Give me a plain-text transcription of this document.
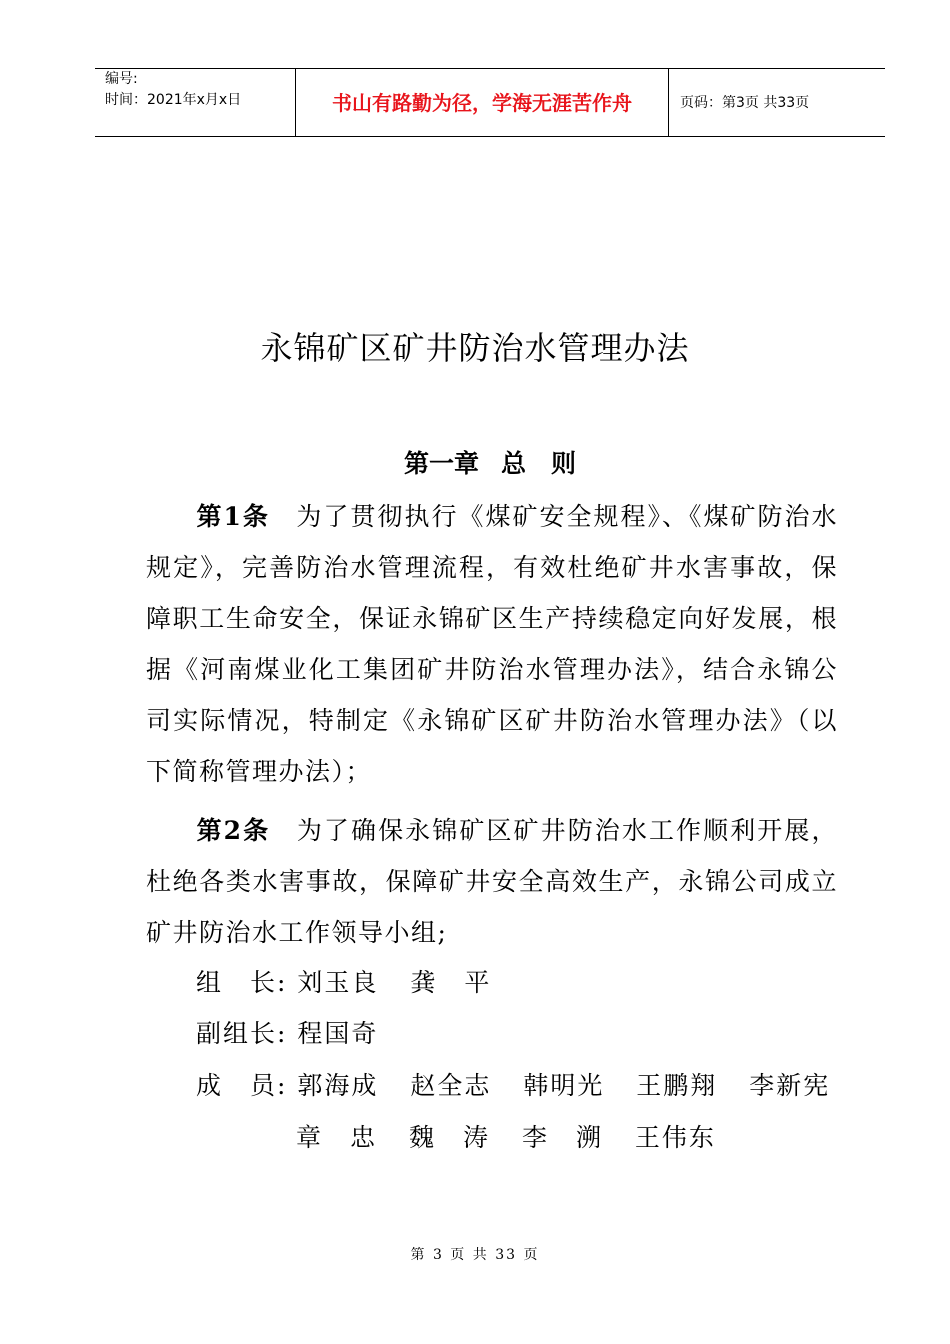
编号:
时间：2021年x月x日	书山有路勤为径，学海无涯苦作舟	页码：第3页 共33页
永锦矿区矿井防治水管理办法
第一章 总　则
第1条 为了贯彻执行《煤矿安全规程》、《煤矿防治水规定》，完善防治水管理流程，有效杜绝矿井水害事故，保障职工生命安全，保证永锦矿区生产持续稳定向好发展，根据《河南煤业化工集团矿井防治水管理办法》，结合永锦公司实际情况，特制定《永锦矿区矿井防治水管理办法》（以下简称管理办法）；
第2条 为了确保永锦矿区矿井防治水工作顺利开展，杜绝各类水害事故，保障矿井安全高效生产，永锦公司成立矿井防治水工作领导小组;
组　长: 刘玉良 龚　平
副组长: 程国奇
成　员: 郭海成 赵全志 韩明光 王鹏翔 李新宪
章　忠 魏　涛 李　溯 王伟东
第 3 页 共 33 页
